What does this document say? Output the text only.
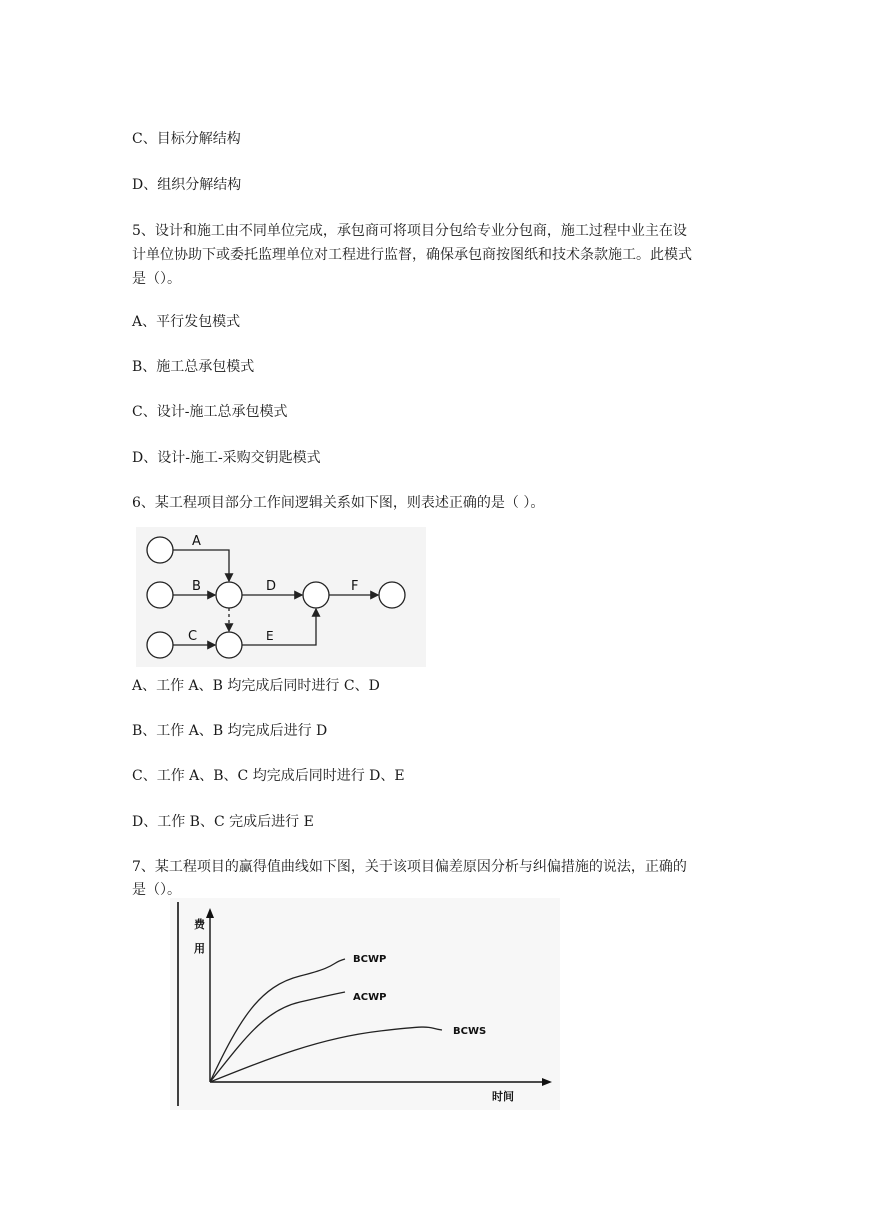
C、目标分解结构
D、组织分解结构
5、设计和施工由不同单位完成，承包商可将项目分包给专业分包商，施工过程中业主在设
计单位协助下或委托监理单位对工程进行监督，确保承包商按图纸和技术条款施工。此模式
是（）。
A、平行发包模式
B、施工总承包模式
C、设计-施工总承包模式
D、设计-施工-采购交钥匙模式
6、某工程项目部分工作间逻辑关系如下图，则表述正确的是（ ）。
A
B	D	F
C	E
A、工作 A、B 均完成后同时进行 C、D
B、工作 A、B 均完成后进行 D
C、工作 A、B、C 均完成后同时进行 D、E
D、工作 B、C 完成后进行 E
7、某工程项目的赢得值曲线如下图，关于该项目偏差原因分析与纠偏措施的说法，正确的
是（）。
费
用
时间
BCWP
ACWP
BCWS
